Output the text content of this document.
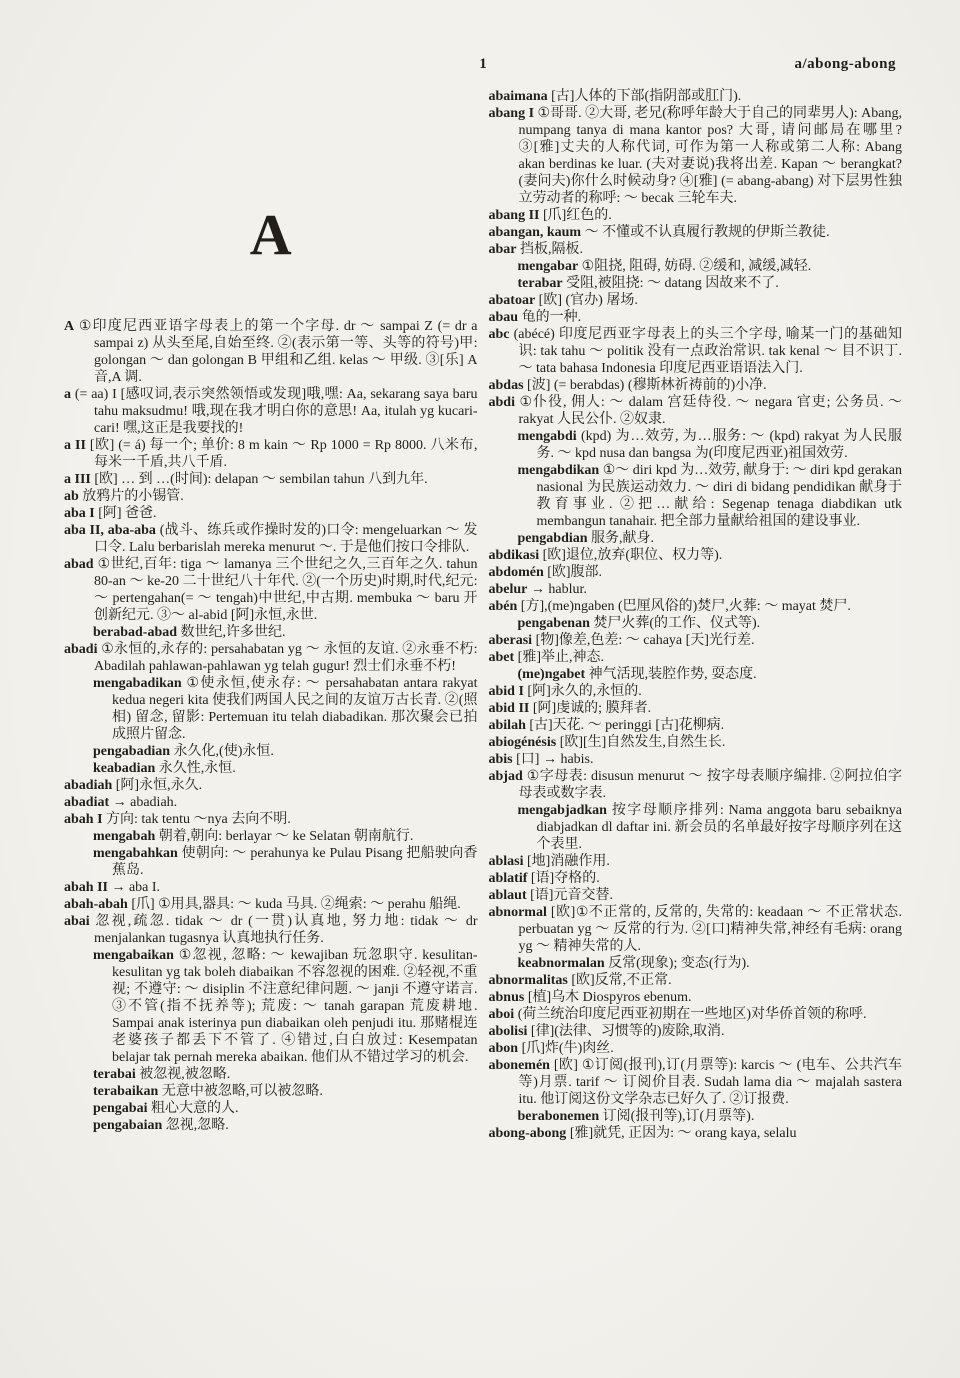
1	a/abong-abong
A
A ①印度尼西亚语字母表上的第一个字母. dr ～ sampai Z (= dr a sampai z) 从头至尾,自始至终. ②(表示第一等、头等的符号)甲: golongan ～ dan golongan B 甲组和乙组. kelas ～ 甲级. ③[乐] A 音,A 调.
a (= aa) I [感叹词,表示突然领悟或发现]哦,嘿: Aa, sekarang saya baru tahu maksudmu! 哦,现在我才明白你的意思! Aa, itulah yg kucari-cari! 嘿,这正是我要找的!
a II [欧] (= á) 每一个; 单价: 8 m kain ～ Rp 1000 = Rp 8000. 八米布,每米一千盾,共八千盾.
a III [欧] … 到 …(时间): delapan ～ sembilan tahun 八到九年.
ab 放鸦片的小锡管.
aba I [阿] 爸爸.
aba II, aba-aba (战斗、练兵或作操时发的)口令: mengeluarkan ～ 发口令. Lalu berbarislah mereka menurut ～. 于是他们按口令排队.
abad ①世纪,百年: tiga ～ lamanya 三个世纪之久,三百年之久. tahun 80-an ～ ke-20 二十世纪八十年代. ②(一个历史)时期,时代,纪元: ～ pertengahan(= ～ tengah)中世纪,中古期. membuka ～ baru 开创新纪元. ③～ al-abid [阿]永恒,永世.
berabad-abad 数世纪,许多世纪.
abadi ①永恒的,永存的: persahabatan yg ～ 永恒的友谊. ②永垂不朽: Abadilah pahlawan-pahlawan yg telah gugur! 烈士们永垂不朽!
mengabadikan ①使永恒,使永存: ～ persahabatan antara rakyat kedua negeri kita 使我们两国人民之间的友谊万古长青. ②(照相) 留念, 留影: Pertemuan itu telah diabadikan. 那次聚会已拍成照片留念.
pengabadian 永久化,(使)永恒.
keabadian 永久性,永恒.
abadiah [阿]永恒,永久.
abadiat → abadiah.
abah I 方向: tak tentu ～nya 去向不明.
mengabah 朝着,朝向: berlayar ～ ke Selatan 朝南航行.
mengabahkan 使朝向: ～ perahunya ke Pulau Pisang 把船驶向香蕉岛.
abah II → aba I.
abah-abah [爪] ①用具,器具: ～ kuda 马具. ②绳索: ～ perahu 船绳.
abai 忽视,疏忽. tidak ～ dr (一贯)认真地, 努力地: tidak ～ dr menjalankan tugasnya 认真地执行任务.
mengabaikan ①忽视, 忽略: ～ kewajiban 玩忽职守. kesulitan-kesulitan yg tak boleh diabaikan 不容忽视的困难. ②轻视,不重视; 不遵守: ～ disiplin 不注意纪律问题. ～ janji 不遵守诺言. ③不管(指不抚养等); 荒废: ～ tanah garapan 荒废耕地. Sampai anak isterinya pun diabaikan oleh penjudi itu. 那赌棍连老婆孩子都丢下不管了. ④错过,白白放过: Kesempatan belajar tak pernah mereka abaikan. 他们从不错过学习的机会.
terabai 被忽视,被忽略.
terabaikan 无意中被忽略,可以被忽略.
pengabai 粗心大意的人.
pengabaian 忽视,忽略.
abaimana [古]人体的下部(指阴部或肛门).
abang I ①哥哥. ②大哥, 老兄(称呼年龄大于自己的同辈男人): Abang, numpang tanya di mana kantor pos? 大哥, 请问邮局在哪里? ③[雅]丈夫的人称代词, 可作为第一人称或第二人称: Abang akan berdinas ke luar. (夫对妻说)我将出差. Kapan ～ berangkat? (妻问夫)你什么时候动身? ④[雅] (= abang-abang) 对下层男性独立劳动者的称呼: ～ becak 三轮车夫.
abang II [爪]红色的.
abangan, kaum ～ 不懂或不认真履行教规的伊斯兰教徒.
abar 挡板,隔板.
mengabar ①阻挠, 阻碍, 妨碍. ②缓和, 减缓,减轻.
terabar 受阻,被阻挠: ～ datang 因故来不了.
abatoar [欧] (官办) 屠场.
abau 龟的一种.
abc (abécé) 印度尼西亚字母表上的头三个字母, 喻某一门的基础知识: tak tahu ～ politik 没有一点政治常识. tak kenal ～ 目不识丁. ～ tata bahasa Indonesia 印度尼西亚语语法入门.
abdas [波] (= berabdas) (穆斯林祈祷前的)小净.
abdi ①仆役, 佣人: ～ dalam 宫廷侍役. ～ negara 官吏; 公务员. ～ rakyat 人民公仆. ②奴隶.
mengabdi (kpd) 为…效劳, 为…服务: ～ (kpd) rakyat 为人民服务. ～ kpd nusa dan bangsa 为(印度尼西亚)祖国效劳.
mengabdikan ①～ diri kpd 为…效劳, 献身于: ～ diri kpd gerakan nasional 为民族运动效力. ～ diri di bidang pendidikan 献身于教育事业. ②把…献给: Segenap tenaga diabdikan utk membangun tanahair. 把全部力量献给祖国的建设事业.
pengabdian 服务,献身.
abdikasi [欧]退位,放弃(职位、权力等).
abdomén [欧]腹部.
abelur → hablur.
abén [方],(me)ngaben (巴厘风俗的)焚尸,火葬: ～ mayat 焚尸.
pengabenan 焚尸火葬(的工作、仪式等).
aberasi [物]像差,色差: ～ cahaya [天]光行差.
abet [雅]举止,神态.
(me)ngabet 神气活现,装腔作势, 耍态度.
abid I [阿]永久的,永恒的.
abid II [阿]虔诚的; 膜拜者.
abilah [古]天花. ～ peringgi [古]花柳病.
abiogénésis [欧][生]自然发生,自然生长.
abis [口] → habis.
abjad ①字母表: disusun menurut ～ 按字母表顺序编排. ②阿拉伯字母表或数字表.
mengabjadkan 按字母顺序排列: Nama anggota baru sebaiknya diabjadkan dl daftar ini. 新会员的名单最好按字母顺序列在这个表里.
ablasi [地]消融作用.
ablatif [语]夺格的.
ablaut [语]元音交替.
abnormal [欧]①不正常的, 反常的, 失常的: keadaan ～ 不正常状态. perbuatan yg ～ 反常的行为. ②[口]精神失常,神经有毛病: orang yg ～ 精神失常的人.
keabnormalan 反常(现象); 变态(行为).
abnormalitas [欧]反常,不正常.
abnus [植]乌木 Diospyros ebenum.
aboi (荷兰统治印度尼西亚初期在一些地区)对华侨首领的称呼.
abolisi [律](法律、习惯等的)废除,取消.
abon [爪]炸(牛)肉丝.
abonemén [欧] ①订阅(报刊),订(月票等): karcis ～ (电车、公共汽车等)月票. tarif ～ 订阅价目表. Sudah lama dia ～ majalah sastera itu. 他订阅这份文学杂志已好久了. ②订报费.
berabonemen 订阅(报刊等),订(月票等).
abong-abong [雅]就凭, 正因为: ～ orang kaya, selalu
